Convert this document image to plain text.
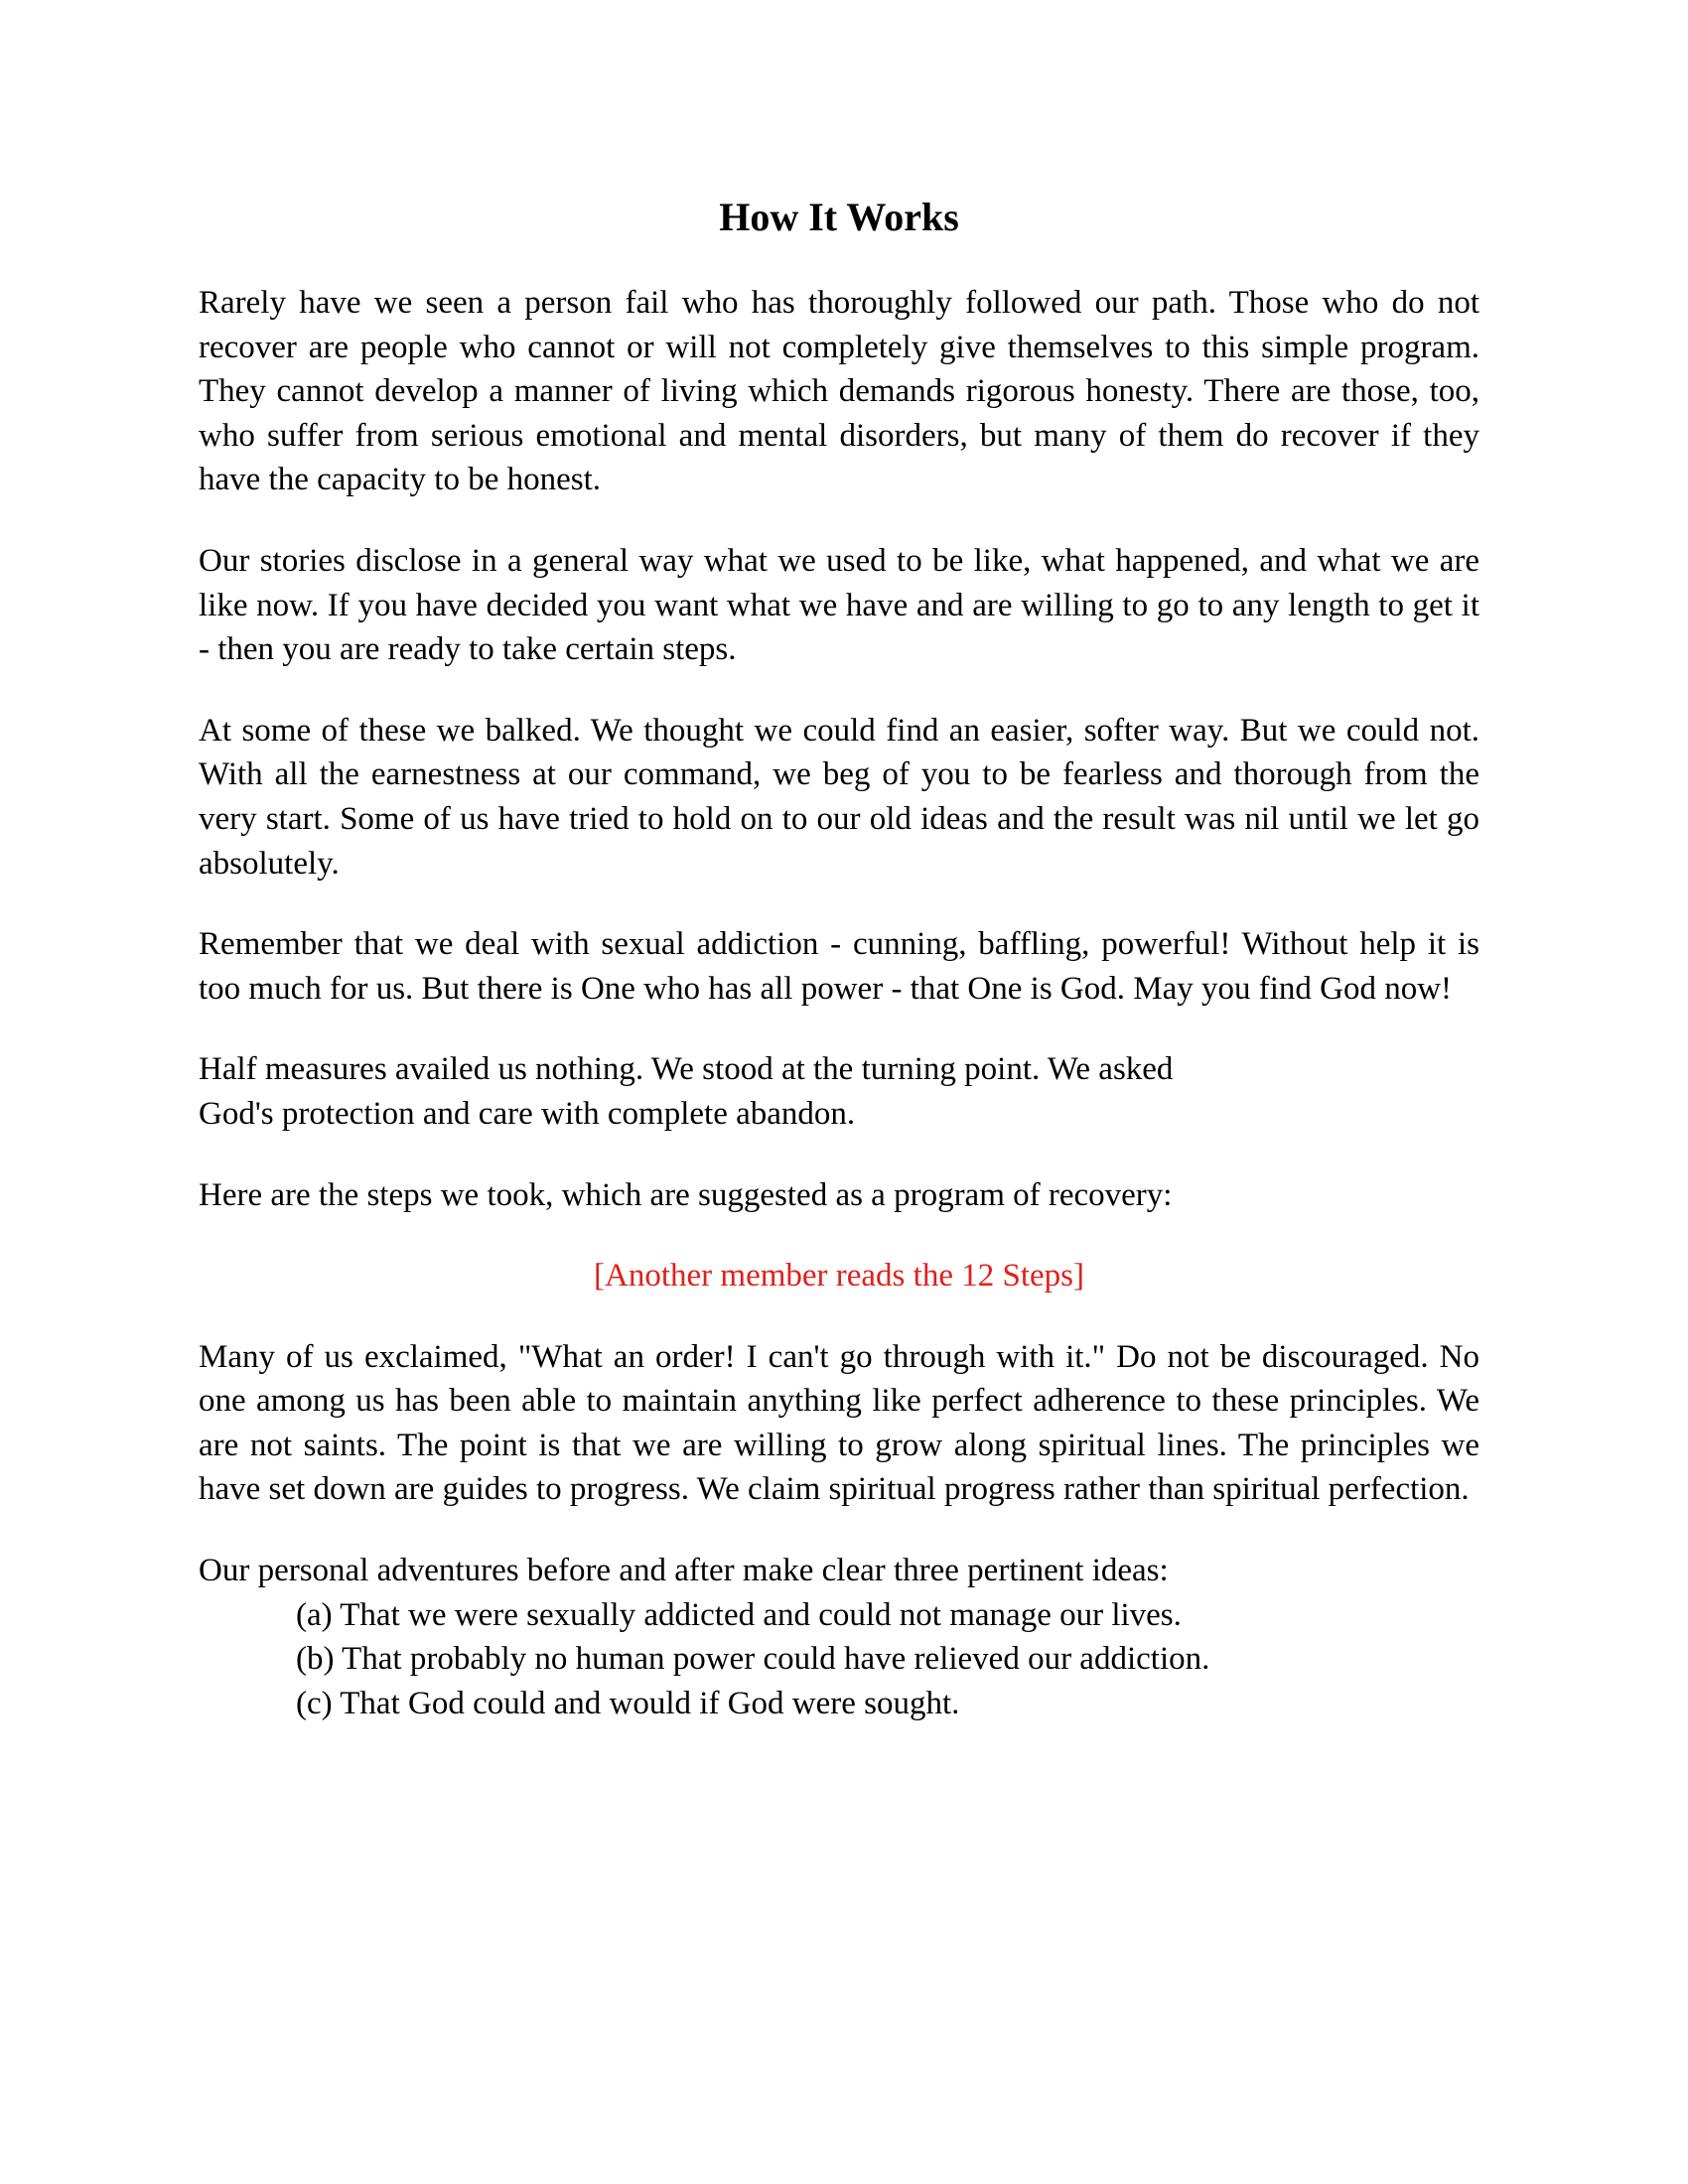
How It Works

Rarely have we seen a person fail who has thoroughly followed our path. Those who do not recover are people who cannot or will not completely give themselves to this simple program. They cannot develop a manner of living which demands rigorous honesty. There are those, too, who suffer from serious emotional and mental disorders, but many of them do recover if they have the capacity to be honest.

Our stories disclose in a general way what we used to be like, what happened, and what we are like now. If you have decided you want what we have and are willing to go to any length to get it - then you are ready to take certain steps.

At some of these we balked. We thought we could find an easier, softer way. But we could not. With all the earnestness at our command, we beg of you to be fearless and thorough from the very start. Some of us have tried to hold on to our old ideas and the result was nil until we let go absolutely.

Remember that we deal with sexual addiction - cunning, baffling, powerful! Without help it is too much for us. But there is One who has all power - that One is God. May you find God now!

Half measures availed us nothing. We stood at the turning point. We asked
God's protection and care with complete abandon.

Here are the steps we took, which are suggested as a program of recovery:

[Another member reads the 12 Steps]

Many of us exclaimed, "What an order! I can't go through with it." Do not be discouraged. No one among us has been able to maintain anything like perfect adherence to these principles. We are not saints. The point is that we are willing to grow along spiritual lines. The principles we have set down are guides to progress. We claim spiritual progress rather than spiritual perfection.

Our personal adventures before and after make clear three pertinent ideas:

(a) That we were sexually addicted and could not manage our lives.
(b) That probably no human power could have relieved our addiction.
(c) That God could and would if God were sought.
